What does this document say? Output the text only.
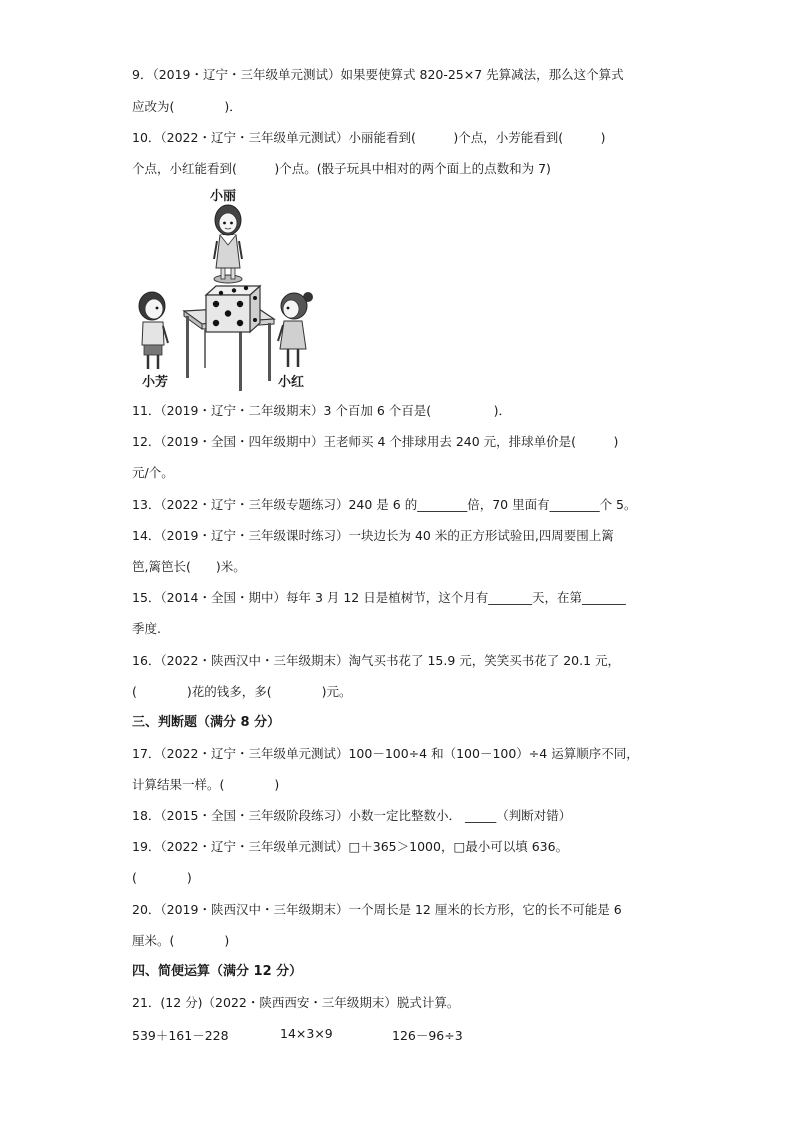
9．（2019・辽宁・三年级单元测试）如果要使算式 820-25×7 先算减法，那么这个算式
应改为(　　　　)．
10．（2022・辽宁・三年级单元测试）小丽能看到(　　　)个点，小芳能看到(　　　)
个点，小红能看到(　　　)个点。(骰子玩具中相对的两个面上的点数和为 7)
小丽
小芳	小红
11．（2019・辽宁・二年级期末）3 个百加 6 个百是(　　　　　)．
12．（2019・全国・四年级期中）王老师买 4 个排球用去 240 元，排球单价是(　　　)
元/个。
13．（2022・辽宁・三年级专题练习）240 是 6 的________倍，70 里面有________个 5。
14．（2019・辽宁・三年级课时练习）一块边长为 40 米的正方形试验田,四周要围上篱
笆,篱笆长(　　)米。
15．（2014・全国・期中）每年 3 月 12 日是植树节，这个月有_______天，在第_______
季度.
16．（2022・陕西汉中・三年级期末）淘气买书花了 15.9 元，笑笑买书花了 20.1 元，
(　　　　)花的钱多，多(　　　　)元。
三、判断题（满分 8 分）
17．（2022・辽宁・三年级单元测试）100－100÷4 和（100－100）÷4 运算顺序不同，
计算结果一样。(　　　　)
18．（2015・全国・三年级阶段练习）小数一定比整数小． _____（判断对错）
19．（2022・辽宁・三年级单元测试）□＋365＞1000，□最小可以填 636。
(　　　　)
20．（2019・陕西汉中・三年级期末）一个周长是 12 厘米的长方形，它的长不可能是 6
厘米。(　　　　)
四、简便运算（满分 12 分）
21．(12 分)（2022・陕西西安・三年级期末）脱式计算。
539＋161－228	14×3×9	126－96÷3
